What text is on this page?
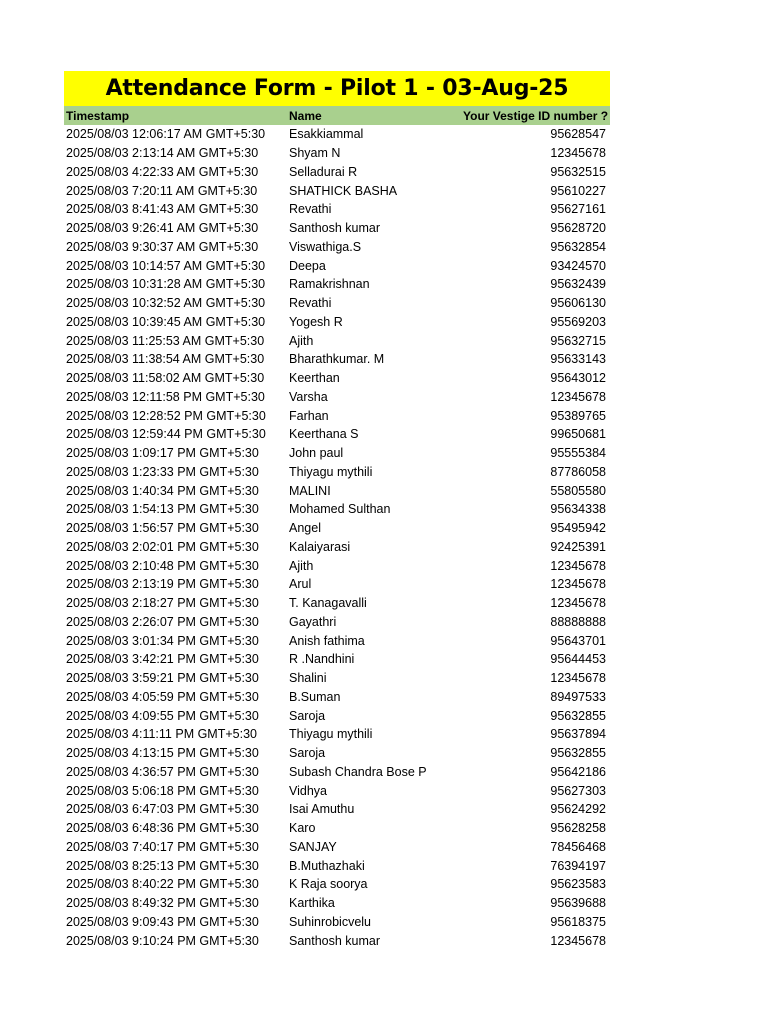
Attendance Form - Pilot 1 - 03-Aug-25
Timestamp	Name	Your Vestige ID number ?
2025/08/03 12:06:17 AM GMT+5:30	Esakkiammal	95628547
2025/08/03 2:13:14 AM GMT+5:30	Shyam N	12345678
2025/08/03 4:22:33 AM GMT+5:30	Selladurai R	95632515
2025/08/03 7:20:11 AM GMT+5:30	SHATHICK BASHA	95610227
2025/08/03 8:41:43 AM GMT+5:30	Revathi	95627161
2025/08/03 9:26:41 AM GMT+5:30	Santhosh kumar	95628720
2025/08/03 9:30:37 AM GMT+5:30	Viswathiga.S	95632854
2025/08/03 10:14:57 AM GMT+5:30	Deepa	93424570
2025/08/03 10:31:28 AM GMT+5:30	Ramakrishnan	95632439
2025/08/03 10:32:52 AM GMT+5:30	Revathi	95606130
2025/08/03 10:39:45 AM GMT+5:30	Yogesh R	95569203
2025/08/03 11:25:53 AM GMT+5:30	Ajith	95632715
2025/08/03 11:38:54 AM GMT+5:30	Bharathkumar. M	95633143
2025/08/03 11:58:02 AM GMT+5:30	Keerthan	95643012
2025/08/03 12:11:58 PM GMT+5:30	Varsha	12345678
2025/08/03 12:28:52 PM GMT+5:30	Farhan	95389765
2025/08/03 12:59:44 PM GMT+5:30	Keerthana S	99650681
2025/08/03 1:09:17 PM GMT+5:30	John paul	95555384
2025/08/03 1:23:33 PM GMT+5:30	Thiyagu mythili	87786058
2025/08/03 1:40:34 PM GMT+5:30	MALINI	55805580
2025/08/03 1:54:13 PM GMT+5:30	Mohamed Sulthan	95634338
2025/08/03 1:56:57 PM GMT+5:30	Angel	95495942
2025/08/03 2:02:01 PM GMT+5:30	Kalaiyarasi	92425391
2025/08/03 2:10:48 PM GMT+5:30	Ajith	12345678
2025/08/03 2:13:19 PM GMT+5:30	Arul	12345678
2025/08/03 2:18:27 PM GMT+5:30	T. Kanagavalli	12345678
2025/08/03 2:26:07 PM GMT+5:30	Gayathri	88888888
2025/08/03 3:01:34 PM GMT+5:30	Anish fathima	95643701
2025/08/03 3:42:21 PM GMT+5:30	R .Nandhini	95644453
2025/08/03 3:59:21 PM GMT+5:30	Shalini	12345678
2025/08/03 4:05:59 PM GMT+5:30	B.Suman	89497533
2025/08/03 4:09:55 PM GMT+5:30	Saroja	95632855
2025/08/03 4:11:11 PM GMT+5:30	Thiyagu mythili	95637894
2025/08/03 4:13:15 PM GMT+5:30	Saroja	95632855
2025/08/03 4:36:57 PM GMT+5:30	Subash Chandra Bose P	95642186
2025/08/03 5:06:18 PM GMT+5:30	Vidhya	95627303
2025/08/03 6:47:03 PM GMT+5:30	Isai Amuthu	95624292
2025/08/03 6:48:36 PM GMT+5:30	Karo	95628258
2025/08/03 7:40:17 PM GMT+5:30	SANJAY	78456468
2025/08/03 8:25:13 PM GMT+5:30	B.Muthazhaki	76394197
2025/08/03 8:40:22 PM GMT+5:30	K Raja soorya	95623583
2025/08/03 8:49:32 PM GMT+5:30	Karthika	95639688
2025/08/03 9:09:43 PM GMT+5:30	Suhinrobicvelu	95618375
2025/08/03 9:10:24 PM GMT+5:30	Santhosh kumar	12345678
